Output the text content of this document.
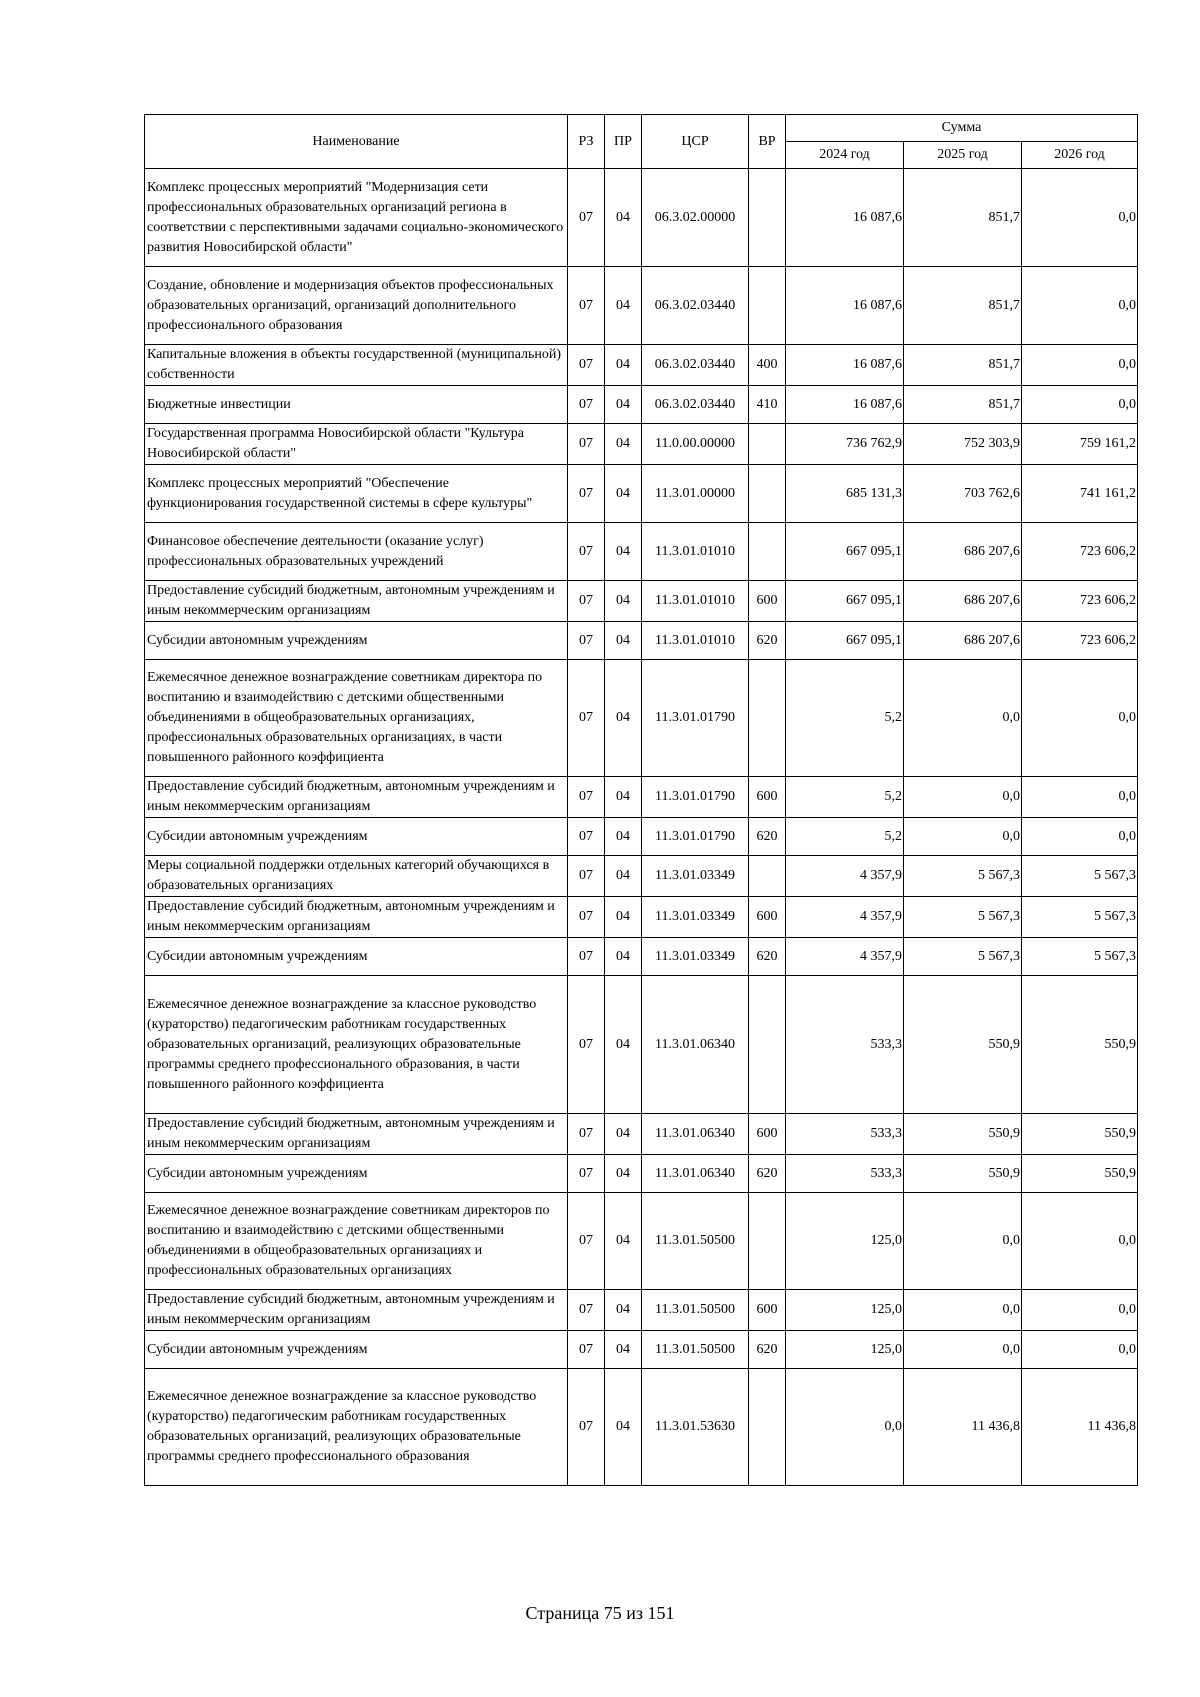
Наименование	РЗ	ПР	ЦСР	ВР	Сумма		
					2024 год	2025 год	2026 год
Комплекс процессных мероприятий "Модернизация сети профессиональных образовательных организаций региона в соответствии с перспективными задачами социально-экономического развития Новосибирской области"	07	04	06.3.02.00000		16 087,6	851,7	0,0
Создание, обновление и модернизация объектов профессиональных образовательных организаций, организаций дополнительного профессионального образования	07	04	06.3.02.03440		16 087,6	851,7	0,0
Капитальные вложения в объекты государственной (муниципальной) собственности	07	04	06.3.02.03440	400	16 087,6	851,7	0,0
Бюджетные инвестиции	07	04	06.3.02.03440	410	16 087,6	851,7	0,0
Государственная программа Новосибирской области "Культура Новосибирской области"	07	04	11.0.00.00000		736 762,9	752 303,9	759 161,2
Комплекс процессных мероприятий "Обеспечение функционирования государственной системы в сфере культуры"	07	04	11.3.01.00000		685 131,3	703 762,6	741 161,2
Финансовое обеспечение деятельности (оказание услуг) профессиональных образовательных учреждений	07	04	11.3.01.01010		667 095,1	686 207,6	723 606,2
Предоставление субсидий бюджетным, автономным учреждениям и иным некоммерческим организациям	07	04	11.3.01.01010	600	667 095,1	686 207,6	723 606,2
Субсидии автономным учреждениям	07	04	11.3.01.01010	620	667 095,1	686 207,6	723 606,2
Ежемесячное денежное вознаграждение советникам директора по воспитанию и взаимодействию с детскими общественными объединениями в общеобразовательных организациях, профессиональных образовательных организациях, в части повышенного районного коэффициента	07	04	11.3.01.01790		5,2	0,0	0,0
Предоставление субсидий бюджетным, автономным учреждениям и иным некоммерческим организациям	07	04	11.3.01.01790	600	5,2	0,0	0,0
Субсидии автономным учреждениям	07	04	11.3.01.01790	620	5,2	0,0	0,0
Меры социальной поддержки отдельных категорий обучающихся в образовательных организациях	07	04	11.3.01.03349		4 357,9	5 567,3	5 567,3
Предоставление субсидий бюджетным, автономным учреждениям и иным некоммерческим организациям	07	04	11.3.01.03349	600	4 357,9	5 567,3	5 567,3
Субсидии автономным учреждениям	07	04	11.3.01.03349	620	4 357,9	5 567,3	5 567,3
Ежемесячное денежное вознаграждение за классное руководство (кураторство) педагогическим работникам государственных образовательных организаций, реализующих образовательные программы среднего профессионального образования, в части повышенного районного коэффициента	07	04	11.3.01.06340		533,3	550,9	550,9
Предоставление субсидий бюджетным, автономным учреждениям и иным некоммерческим организациям	07	04	11.3.01.06340	600	533,3	550,9	550,9
Субсидии автономным учреждениям	07	04	11.3.01.06340	620	533,3	550,9	550,9
Ежемесячное денежное вознаграждение советникам директоров по воспитанию и взаимодействию с детскими общественными объединениями в общеобразовательных организациях и профессиональных образовательных организациях	07	04	11.3.01.50500		125,0	0,0	0,0
Предоставление субсидий бюджетным, автономным учреждениям и иным некоммерческим организациям	07	04	11.3.01.50500	600	125,0	0,0	0,0
Субсидии автономным учреждениям	07	04	11.3.01.50500	620	125,0	0,0	0,0
Ежемесячное денежное вознаграждение за классное руководство (кураторство) педагогическим работникам государственных образовательных организаций, реализующих образовательные программы среднего профессионального образования	07	04	11.3.01.53630		0,0	11 436,8	11 436,8
Страница 75 из 151
